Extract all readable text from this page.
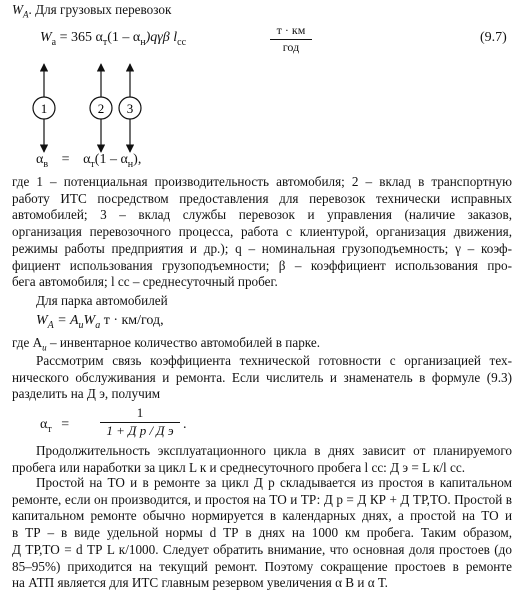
$W_A$. Для грузовых перевозок
$W_а = 365$ $\alpha_т(1 - \alpha_н)q\gamma\beta$ $l_{сс}$
т · км
год
(9.7)
1	2 3
$\alpha_в = \alpha_т(1 - \alpha_н)$,
где 1 – потенциальная производительность автомобиля; 2 – вклад в транспортную
работу ИТС посредством предоставления для перевозок технически исправных
автомобилей; 3 – вклад службы перевозок и управления (наличие заказов,
организация перевозочного процесса, работа с клиентурой, организация движения,
режимы работы предприятия и др.); q – номинальная грузоподъемность; γ – коэф-
фициент использования грузоподъемности; β – коэффициент использования про-
бега автомобиля; l сс – среднесуточный пробег.
Для парка автомобилей
$W_A = A_иW_a$ т · км/год,
где $A_и$ – инвентарное количество автомобилей в парке.
Рассмотрим связь коэффициента технической готовности с организацией тех-
нического обслуживания и ремонта. Если числитель и знаменатель в формуле (9.3)
разделить на Д э, получим
$\alpha_т$ =
1
1 + Д р / Д э .
Продолжительность эксплуатационного цикла в днях зависит от планируемого
пробега или наработки за цикл L к и среднесуточного пробега l сс: Д э = L к/l сс.
Простой на ТО и в ремонте за цикл Д р складывается из простоя в капитальном
ремонте, если он производится, и простоя на ТО и ТР: Д р = Д КР + Д ТР,ТО. Простой в
капитальном ремонте обычно нормируется в календарных днях, а простой на ТО и
в ТР – в виде удельной нормы d ТР в днях на 1000 км пробега. Таким образом,
Д ТР,ТО = d ТР L к/1000. Следует обратить внимание, что основная доля простоев (до
85–95%) приходится на текущий ремонт. Поэтому сокращение простоев в ремонте
на АТП является для ИТС главным резервом увеличения α В и α Т.
